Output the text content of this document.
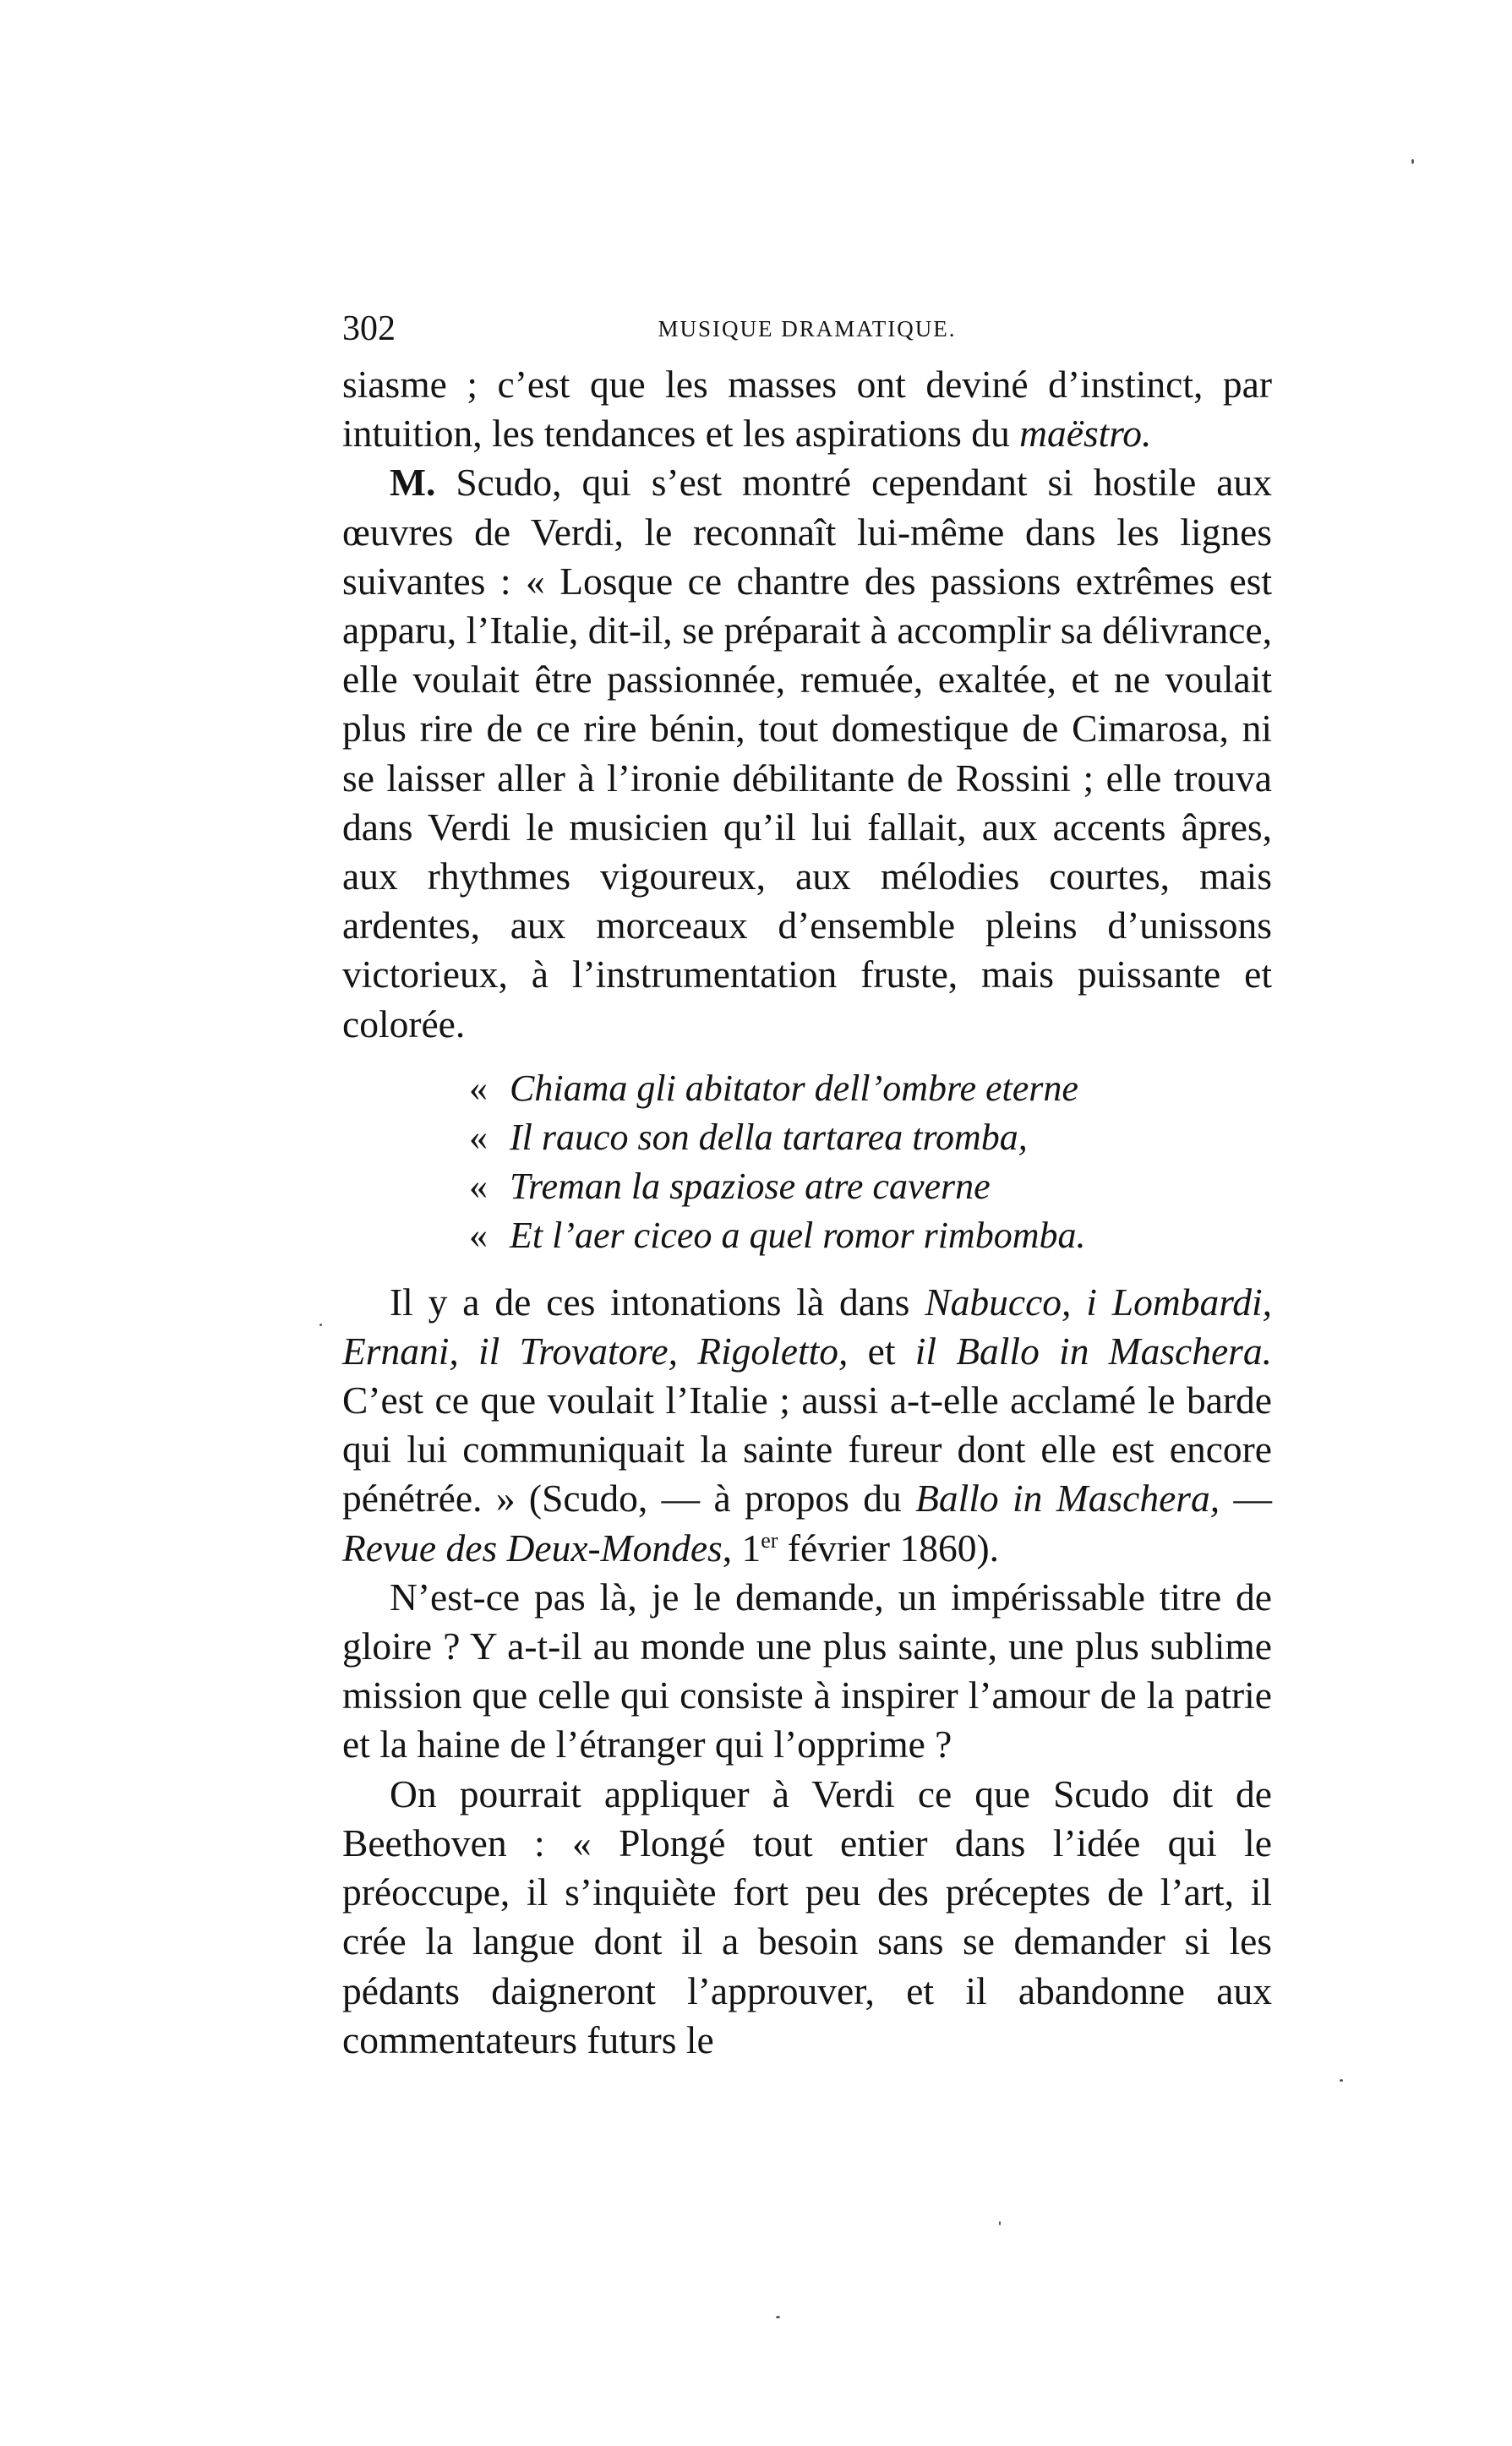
302	MUSIQUE DRAMATIQUE.

siasme ; c’est que les masses ont deviné d’instinct, par intuition, les tendances et les aspirations du maëstro.

M. Scudo, qui s’est montré cependant si hostile aux œuvres de Verdi, le reconnaît lui-même dans les lignes suivantes : « Losque ce chantre des passions extrêmes est apparu, l’Italie, dit-il, se préparait à accomplir sa délivrance, elle voulait être passionnée, remuée, exaltée, et ne voulait plus rire de ce rire bénin, tout domestique de Cimarosa, ni se laisser aller à l’ironie débilitante de Rossini ; elle trouva dans Verdi le musicien qu’il lui fallait, aux accents âpres, aux rhythmes vigoureux, aux mélodies courtes, mais ardentes, aux morceaux d’ensemble pleins d’unissons victorieux, à l’instrumentation fruste, mais puissante et colorée.

« Chiama gli abitator dell’ombre eterne
« Il rauco son della tartarea tromba,
« Treman la spaziose atre caverne
« Et l’aer ciceo a quel romor rimbomba.

Il y a de ces intonations là dans Nabucco, i Lombardi, Ernani, il Trovatore, Rigoletto, et il Ballo in Maschera. C’est ce que voulait l’Italie ; aussi a-t-elle acclamé le barde qui lui communiquait la sainte fureur dont elle est encore pénétrée. » (Scudo, — à propos du Ballo in Maschera, — Revue des Deux-Mondes, 1er février 1860).

N’est-ce pas là, je le demande, un impérissable titre de gloire ? Y a-t-il au monde une plus sainte, une plus sublime mission que celle qui consiste à inspirer l’amour de la patrie et la haine de l’étranger qui l’opprime ?

On pourrait appliquer à Verdi ce que Scudo dit de Beethoven : « Plongé tout entier dans l’idée qui le préoccupe, il s’inquiète fort peu des préceptes de l’art, il crée la langue dont il a besoin sans se demander si les pédants daigneront l’approuver, et il abandonne aux commentateurs futurs le
